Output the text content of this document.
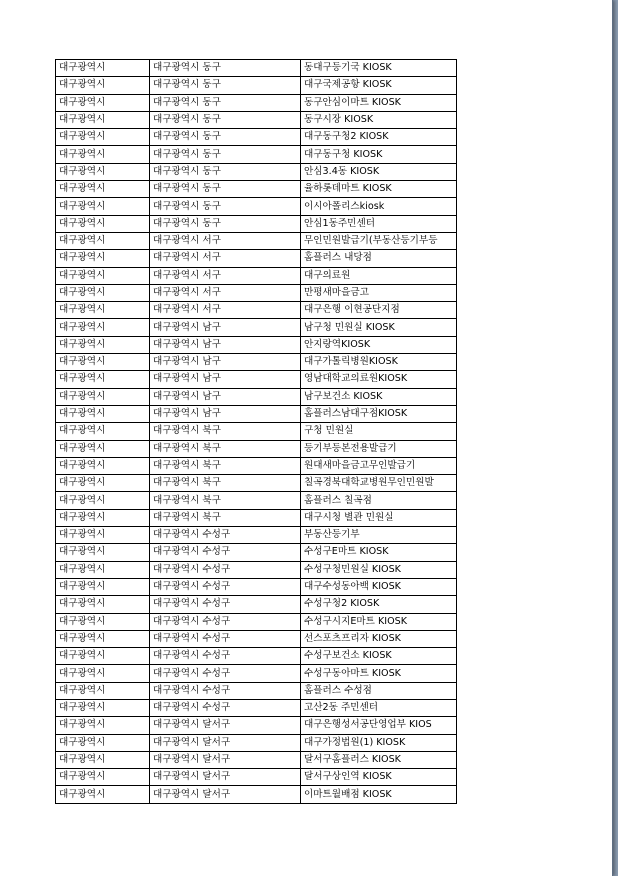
대구광역시	대구광역시 동구	동대구등기국 KIOSK
대구광역시	대구광역시 동구	대구국제공항 KIOSK
대구광역시	대구광역시 동구	동구안심이마트 KIOSK
대구광역시	대구광역시 동구	동구시장 KIOSK
대구광역시	대구광역시 동구	대구동구청2 KIOSK
대구광역시	대구광역시 동구	대구동구청 KIOSK
대구광역시	대구광역시 동구	안심3.4동 KIOSK
대구광역시	대구광역시 동구	율하롯데마트 KIOSK
대구광역시	대구광역시 동구	이시아폴리스kiosk
대구광역시	대구광역시 동구	안심1동주민센터
대구광역시	대구광역시 서구	무인민원발급기(부동산등기부등
대구광역시	대구광역시 서구	홈플러스 내당점
대구광역시	대구광역시 서구	대구의료원
대구광역시	대구광역시 서구	만평새마을금고
대구광역시	대구광역시 서구	대구은행 이현공단지점
대구광역시	대구광역시 남구	남구청 민원실 KIOSK
대구광역시	대구광역시 남구	안지랑역KIOSK
대구광역시	대구광역시 남구	대구가톨릭병원KIOSK
대구광역시	대구광역시 남구	영남대학교의료원KIOSK
대구광역시	대구광역시 남구	남구보건소 KIOSK
대구광역시	대구광역시 남구	홈플러스남대구점KIOSK
대구광역시	대구광역시 북구	구청 민원실
대구광역시	대구광역시 북구	등기부등본전용발급기
대구광역시	대구광역시 북구	원대새마을금고무인발급기
대구광역시	대구광역시 북구	칠곡경북대학교병원무인민원발
대구광역시	대구광역시 북구	홈플러스 칠곡점
대구광역시	대구광역시 북구	대구시청 별관 민원실
대구광역시	대구광역시 수성구	부동산등기부
대구광역시	대구광역시 수성구	수성구E마트 KIOSK
대구광역시	대구광역시 수성구	수성구청민원실 KIOSK
대구광역시	대구광역시 수성구	대구수성동아백 KIOSK
대구광역시	대구광역시 수성구	수성구청2 KIOSK
대구광역시	대구광역시 수성구	수성구시지E마트 KIOSK
대구광역시	대구광역시 수성구	선스포츠프리자 KIOSK
대구광역시	대구광역시 수성구	수성구보건소 KIOSK
대구광역시	대구광역시 수성구	수성구동아마트 KIOSK
대구광역시	대구광역시 수성구	홈플러스 수성점
대구광역시	대구광역시 수성구	고산2동 주민센터
대구광역시	대구광역시 달서구	대구은행성서공단영업부 KIOS
대구광역시	대구광역시 달서구	대구가정법원(1) KIOSK
대구광역시	대구광역시 달서구	달서구홈플러스 KIOSK
대구광역시	대구광역시 달서구	달서구상인역 KIOSK
대구광역시	대구광역시 달서구	이마트월배점 KIOSK
